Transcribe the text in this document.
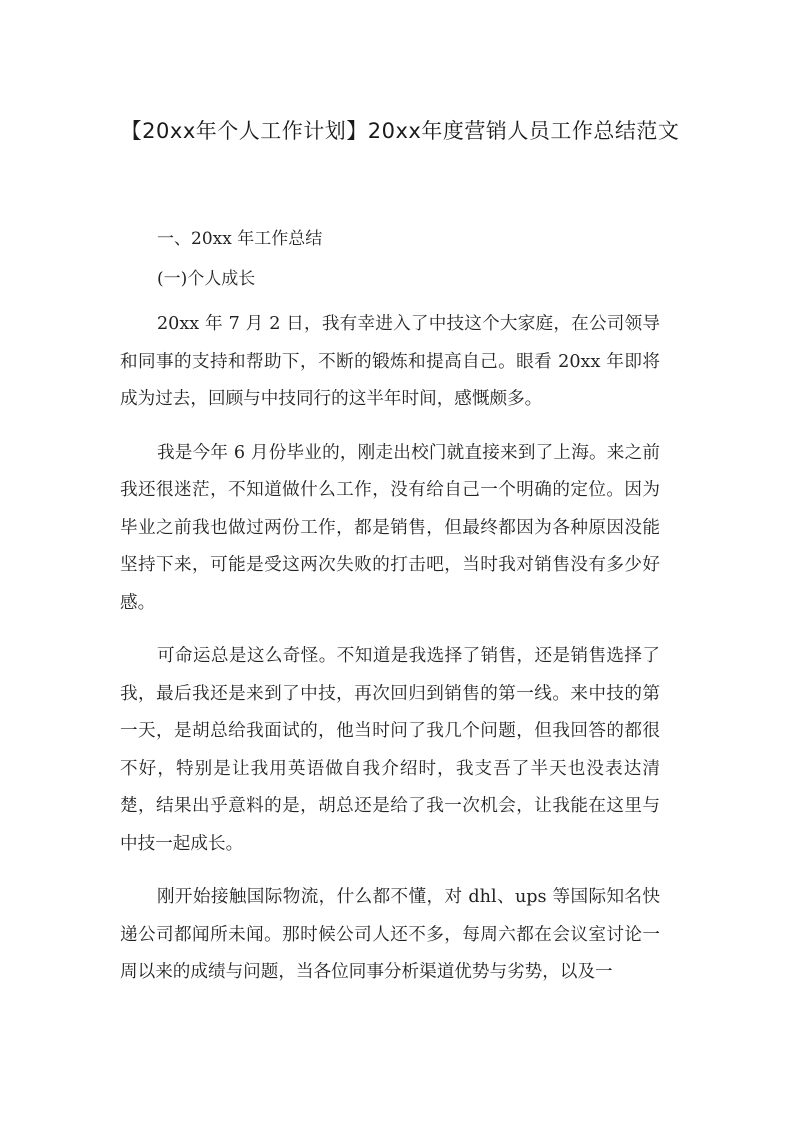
【20xx年个人工作计划】20xx年度营销人员工作总结范文
一、20xx 年工作总结
(一)个人成长

20xx 年 7 月 2 日，我有幸进入了中技这个大家庭，在公司领导和同事的支持和帮助下，不断的锻炼和提高自己。眼看 20xx 年即将成为过去，回顾与中技同行的这半年时间，感慨颇多。

我是今年 6 月份毕业的，刚走出校门就直接来到了上海。来之前我还很迷茫，不知道做什么工作，没有给自己一个明确的定位。因为毕业之前我也做过两份工作，都是销售，但最终都因为各种原因没能坚持下来，可能是受这两次失败的打击吧，当时我对销售没有多少好感。

可命运总是这么奇怪。不知道是我选择了销售，还是销售选择了我，最后我还是来到了中技，再次回归到销售的第一线。来中技的第一天，是胡总给我面试的，他当时问了我几个问题，但我回答的都很不好，特别是让我用英语做自我介绍时，我支吾了半天也没表达清楚，结果出乎意料的是，胡总还是给了我一次机会，让我能在这里与中技一起成长。

刚开始接触国际物流，什么都不懂，对 dhl、ups 等国际知名快递公司都闻所未闻。那时候公司人还不多，每周六都在会议室讨论一周以来的成绩与问题，当各位同事分析渠道优势与劣势，以及一
